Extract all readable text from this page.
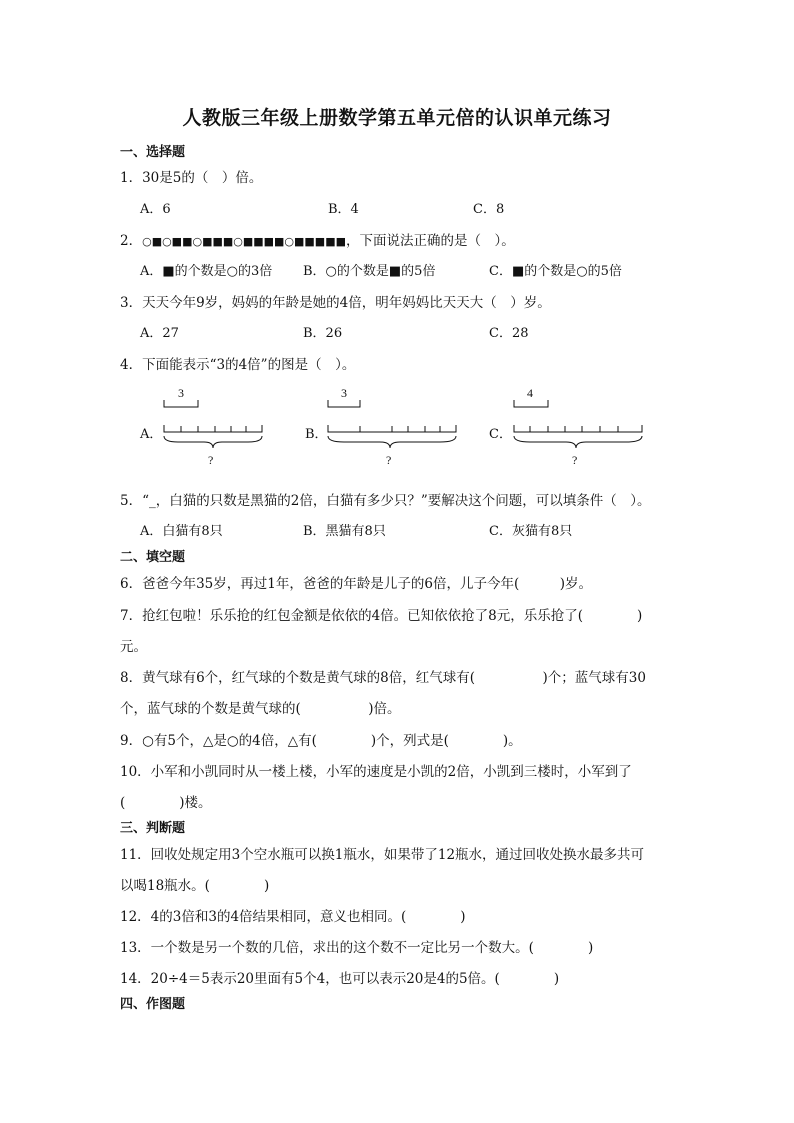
人教版三年级上册数学第五单元倍的认识单元练习
一、选择题
1．30是5的（　）倍。
A．6	B．4	C．8
2．○■○■■○■■■○■■■■○■■■■■，下面说法正确的是（　）。
A．■的个数是○的3倍 B．○的个数是■的5倍	C．■的个数是○的5倍
3．天天今年9岁，妈妈的年龄是她的4倍，明年妈妈比天天大（　）岁。
A．27	B．26	C．28
4．下面能表示“3的4倍”的图是（　）。
A．
3
?
B．
3
?
C．
4
?
5．“_，白猫的只数是黑猫的2倍，白猫有多少只？”要解决这个问题，可以填条件（　）。
A．白猫有8只	B．黑猫有8只	C．灰猫有8只
二、填空题
6．爸爸今年35岁，再过1年，爸爸的年龄是儿子的6倍，儿子今年(　　　)岁。
7．抢红包啦！乐乐抢的红包金额是依依的4倍。已知依依抢了8元，乐乐抢了(　　　　)
元。
8．黄气球有6个，红气球的个数是黄气球的8倍，红气球有(　　　　　)个；蓝气球有30
个，蓝气球的个数是黄气球的(　　　　　)倍。
9．○有5个，△是○的4倍，△有(　　　　)个，列式是(　　　　)。
10．小军和小凯同时从一楼上楼，小军的速度是小凯的2倍，小凯到三楼时，小军到了
(　　　　)楼。
三、判断题
11．回收处规定用3个空水瓶可以换1瓶水，如果带了12瓶水，通过回收处换水最多共可
以喝18瓶水。(　　　　)
12．4的3倍和3的4倍结果相同，意义也相同。(　　　　)
13．一个数是另一个数的几倍，求出的这个数不一定比另一个数大。(　　　　)
14．20÷4＝5表示20里面有5个4，也可以表示20是4的5倍。(　　　　)
四、作图题
